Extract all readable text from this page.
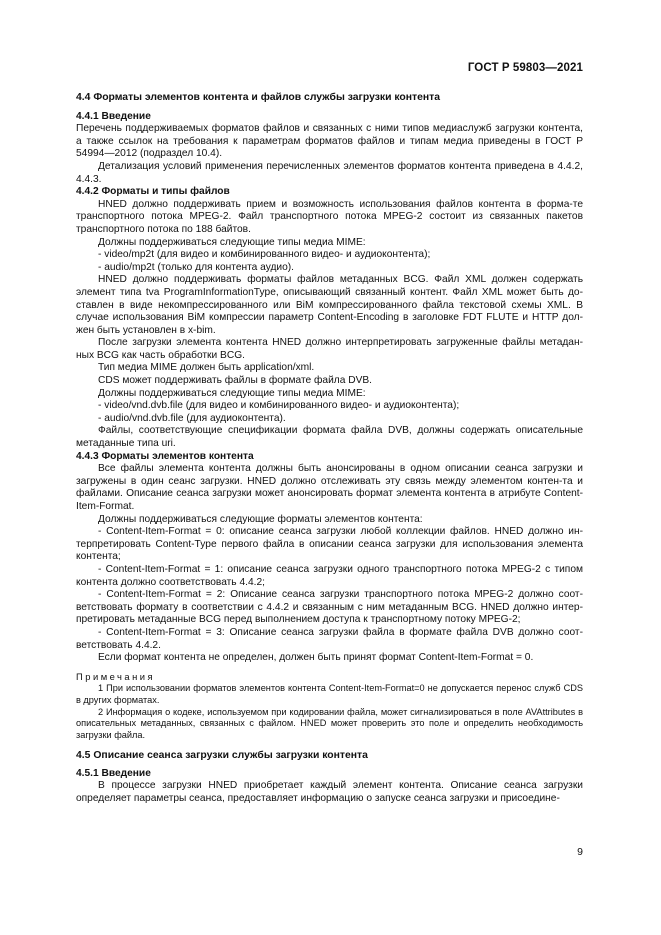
ГОСТ Р 59803—2021
4.4 Форматы элементов контента и файлов службы загрузки контента
4.4.1 Введение

Перечень поддерживаемых форматов файлов и связанных с ними типов медиаслужб загрузки контента, а также ссылок на требования к параметрам форматов файлов и типам медиа приведены в ГОСТ Р 54994—2012 (подраздел 10.4).

Детализация условий применения перечисленных элементов форматов контента приведена в 4.4.2, 4.4.3.

4.4.2 Форматы и типы файлов

HNED должно поддерживать прием и возможность использования файлов контента в форма-те транспортного потока MPEG-2. Файл транспортного потока MPEG-2 состоит из связанных пакетов транспортного потока по 188 байтов.

Должны поддерживаться следующие типы медиа MIME:

- video/mp2t (для видео и комбинированного видео- и аудиоконтента);

- audio/mp2t (только для контента аудио).

HNED должно поддерживать форматы файлов метаданных BCG. Файл XML должен содержать элемент типа tva ProgramInformationType, описывающий связанный контент. Файл XML может быть до-ставлен в виде некомпрессированного или BiM компрессированного файла текстовой схемы XML. В случае использования BiM компрессии параметр Content-Encoding в заголовке FDT FLUTE и HTTP дол-жен быть установлен в x-bim.

После загрузки элемента контента HNED должно интерпретировать загруженные файлы метадан-ных BCG как часть обработки BCG.

Тип медиа MIME должен быть application/xml.

CDS может поддерживать файлы в формате файла DVB.

Должны поддерживаться следующие типы медиа MIME:

- video/vnd.dvb.file (для видео и комбинированного видео- и аудиоконтента);

- audio/vnd.dvb.file (для аудиоконтента).

Файлы, соответствующие спецификации формата файла DVB, должны содержать описательные метаданные типа uri.

4.4.3 Форматы элементов контента

Все файлы элемента контента должны быть анонсированы в одном описании сеанса загрузки и загружены в один сеанс загрузки. HNED должно отслеживать эту связь между элементом контен-та и файлами. Описание сеанса загрузки может анонсировать формат элемента контента в атрибуте Content-Item-Format.

Должны поддерживаться следующие форматы элементов контента:

- Content-Item-Format = 0: описание сеанса загрузки любой коллекции файлов. HNED должно ин-терпретировать Content-Type первого файла в описании сеанса загрузки для использования элемента контента;

- Content-Item-Format = 1: описание сеанса загрузки одного транспортного потока MPEG-2 с типом контента должно соответствовать 4.4.2;

- Content-Item-Format = 2: Описание сеанса загрузки транспортного потока MPEG-2 должно соот-ветствовать формату в соответствии с 4.4.2 и связанным с ним метаданным BCG. HNED должно интер-претировать метаданные BCG перед выполнением доступа к транспортному потоку MPEG-2;

- Content-Item-Format = 3: Описание сеанса загрузки файла в формате файла DVB должно соот-ветствовать 4.4.2.

Если формат контента не определен, должен быть принят формат Content-Item-Format = 0.

Примечания

1 При использовании форматов элементов контента Content-Item-Format=0 не допускается перенос служб CDS в других форматах.

2 Информация о кодеке, используемом при кодировании файла, может сигнализироваться в поле AVAttributes в описательных метаданных, связанных с файлом. HNED может проверить это поле и определить необходимость загрузки файла.

4.5 Описание сеанса загрузки службы загрузки контента
4.5.1 Введение

В процессе загрузки HNED приобретает каждый элемент контента. Описание сеанса загрузки определяет параметры сеанса, предоставляет информацию о запуске сеанса загрузки и присоедине-

9
